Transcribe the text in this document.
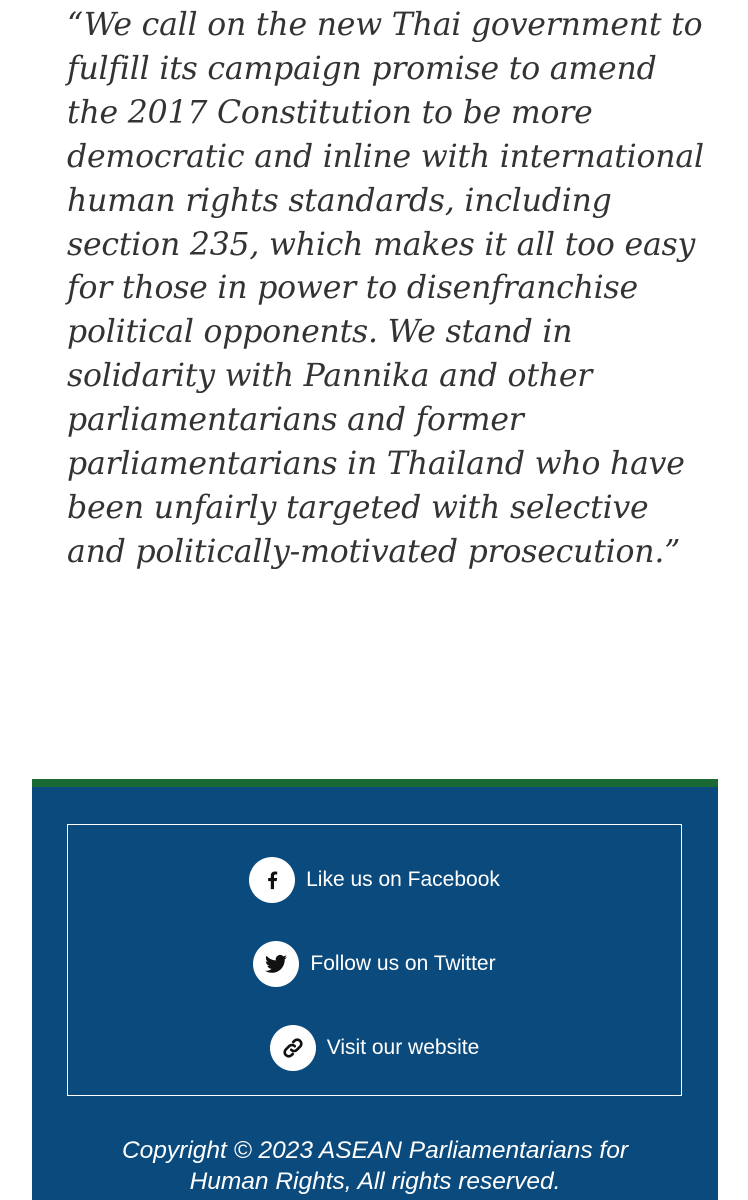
“We call on the new Thai government to fulfill its campaign promise to amend the 2017 Constitution to be more democratic and inline with international human rights standards, including section 235, which makes it all too easy for those in power to disenfranchise political opponents. We stand in solidarity with Pannika and other parliamentarians and former parliamentarians in Thailand who have been unfairly targeted with selective and politically-motivated prosecution.”

Like us on Facebook
Follow us on Twitter
Visit our website

Copyright © 2023 ASEAN Parliamentarians for
Human Rights, All rights reserved.
